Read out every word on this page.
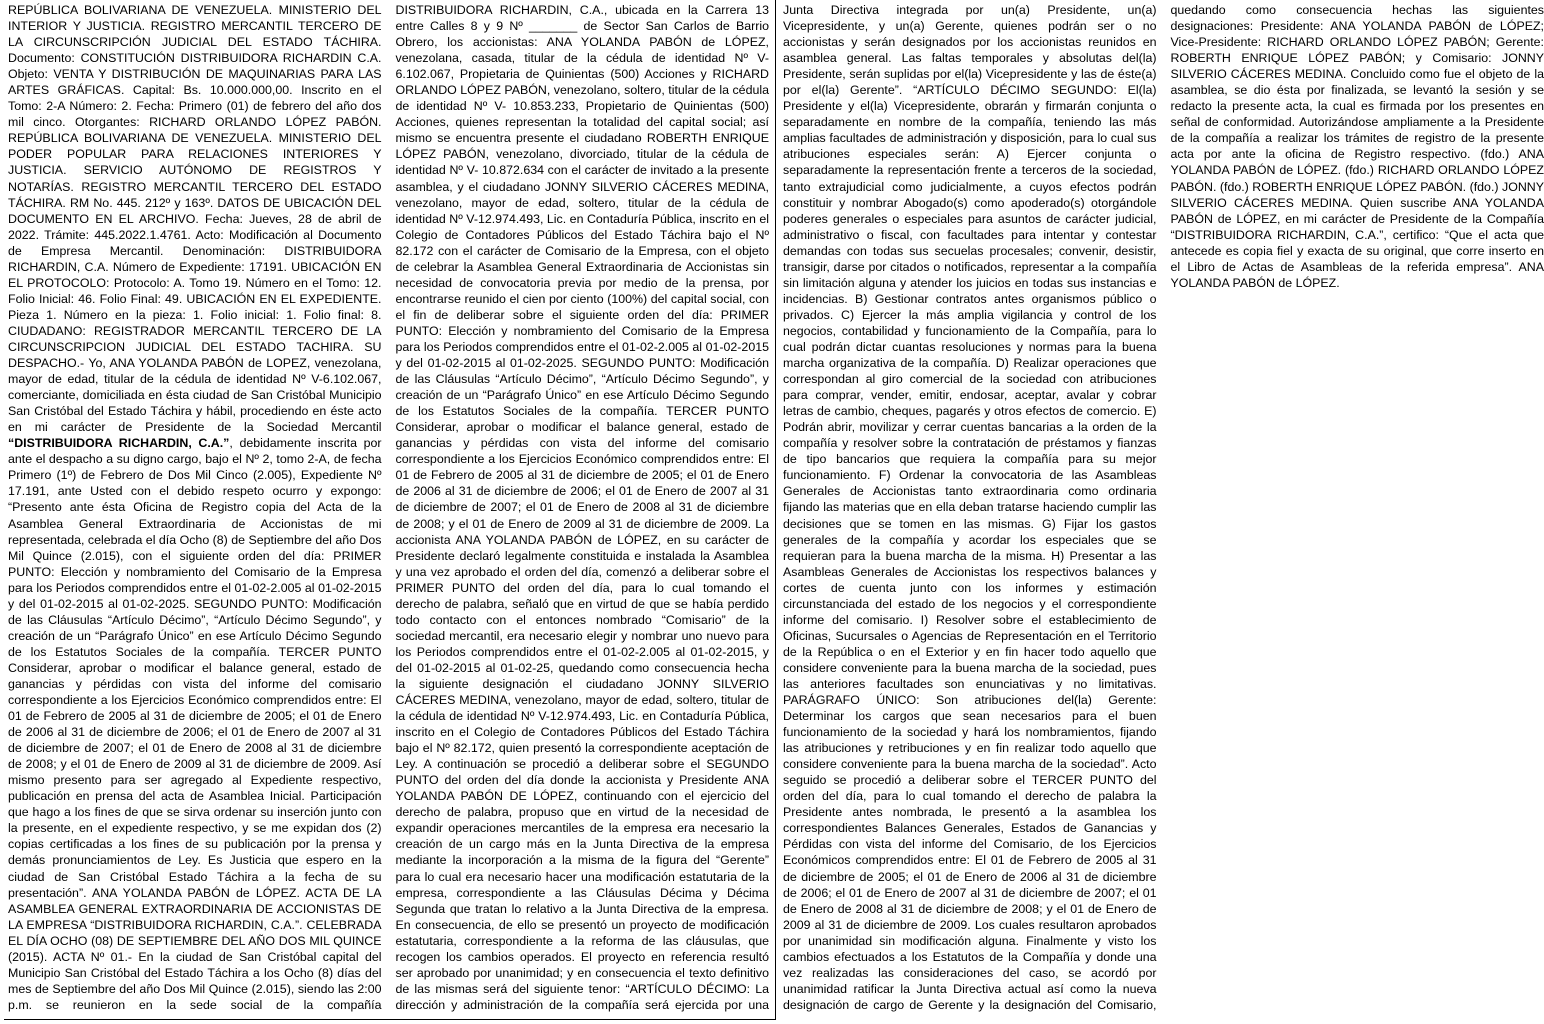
REPÚBLICA BOLIVARIANA DE VENEZUELA. MINISTERIO DEL INTERIOR Y JUSTICIA. REGISTRO MERCANTIL TERCERO DE LA CIRCUNSCRIPCIÓN JUDICIAL DEL ESTADO TÁCHIRA. Documento: CONSTITUCIÓN DISTRIBUIDORA RICHARDIN C.A. Objeto: VENTA Y DISTRIBUCIÓN DE MAQUINARIAS PARA LAS ARTES GRÁFICAS. Capital: Bs. 10.000.000,00. Inscrito en el Tomo: 2-A Número: 2. Fecha: Primero (01) de febrero del año dos mil cinco. Otorgantes: RICHARD ORLANDO LÓPEZ PABÓN. REPÚBLICA BOLIVARIANA DE VENEZUELA. MINISTERIO DEL PODER POPULAR PARA RELACIONES INTERIORES Y JUSTICIA. SERVICIO AUTÓNOMO DE REGISTROS Y NOTARÍAS. REGISTRO MERCANTIL TERCERO DEL ESTADO TÁCHIRA. RM No. 445. 212º y 163º. DATOS DE UBICACIÓN DEL DOCUMENTO EN EL ARCHIVO. Fecha: Jueves, 28 de abril de 2022. Trámite: 445.2022.1.4761. Acto: Modificación al Documento de Empresa Mercantil. Denominación: DISTRIBUIDORA RICHARDIN, C.A. Número de Expediente: 17191. UBICACIÓN EN EL PROTOCOLO: Protocolo: A. Tomo 19. Número en el Tomo: 12. Folio Inicial: 46. Folio Final: 49. UBICACIÓN EN EL EXPEDIENTE. Pieza 1. Número en la pieza: 1. Folio inicial: 1. Folio final: 8. CIUDADANO: REGISTRADOR MERCANTIL TERCERO DE LA CIRCUNSCRIPCION JUDICIAL DEL ESTADO TACHIRA. SU DESPACHO.- Yo, ANA YOLANDA PABÓN de LOPEZ, venezolana, mayor de edad, titular de la cédula de identidad Nº V-6.102.067, comerciante, domiciliada en ésta ciudad de San Cristóbal Municipio San Cristóbal del Estado Táchira y hábil, procediendo en éste acto en mi carácter de Presidente de la Sociedad Mercantil “DISTRIBUIDORA RICHARDIN, C.A.”, debidamente inscrita por ante el despacho a su digno cargo, bajo el Nº 2, tomo 2-A, de fecha Primero (1º) de Febrero de Dos Mil Cinco (2.005), Expediente Nº 17.191, ante Usted con el debido respeto ocurro y expongo: “Presento ante ésta Oficina de Registro copia del Acta de la Asamblea General Extraordinaria de Accionistas de mi representada, celebrada el día Ocho (8) de Septiembre del año Dos Mil Quince (2.015), con el siguiente orden del día: PRIMER PUNTO: Elección y nombramiento del Comisario de la Empresa para los Periodos comprendidos entre el 01-02-2.005 al 01-02-2015 y del 01-02-2015 al 01-02-2025. SEGUNDO PUNTO: Modificación de las Cláusulas “Artículo Décimo”, “Artículo Décimo Segundo”, y creación de un “Parágrafo Único” en ese Artículo Décimo Segundo de los Estatutos Sociales de la compañía. TERCER PUNTO Considerar, aprobar o modificar el balance general, estado de ganancias y pérdidas con vista del informe del comisario correspondiente a los Ejercicios Económico comprendidos entre: El 01 de Febrero de 2005 al 31 de diciembre de 2005; el 01 de Enero de 2006 al 31 de diciembre de 2006; el 01 de Enero de 2007 al 31 de diciembre de 2007; el 01 de Enero de 2008 al 31 de diciembre de 2008; y el 01 de Enero de 2009 al 31 de diciembre de 2009. Así mismo presento para ser agregado al Expediente respectivo, publicación en prensa del acta de Asamblea Inicial. Participación que hago a los fines de que se sirva ordenar su inserción junto con la presente, en el expediente respectivo, y se me expidan dos (2) copias certificadas a los fines de su publicación por la prensa y demás pronunciamientos de Ley. Es Justicia que espero en la ciudad de San Cristóbal Estado Táchira a la fecha de su presentación”. ANA YOLANDA PABÓN de LÓPEZ. ACTA DE LA ASAMBLEA GENERAL EXTRAORDINARIA DE ACCIONISTAS DE LA EMPRESA “DISTRIBUIDORA RICHARDIN, C.A.”. CELEBRADA EL DÍA OCHO (08) DE SEPTIEMBRE DEL AÑO DOS MIL QUINCE (2015). ACTA Nº 01.- En la ciudad de San Cristóbal capital del Municipio San Cristóbal del Estado Táchira a los Ocho (8) días del mes de Septiembre del año Dos Mil Quince (2.015), siendo las 2:00 p.m. se reunieron en la sede social de la compañía DISTRIBUIDORA RICHARDIN, C.A., ubicada en la Carrera 13 entre Calles 8 y 9 Nº _______ de Sector San Carlos de Barrio Obrero, los accionistas: ANA YOLANDA PABÓN de LÓPEZ, venezolana, casada, titular de la cédula de identidad Nº V- 6.102.067, Propietaria de Quinientas (500) Acciones y RICHARD ORLANDO LÓPEZ PABÓN, venezolano, soltero, titular de la cédula de identidad Nº V- 10.853.233, Propietario de Quinientas (500) Acciones, quienes representan la totalidad del capital social; así mismo se encuentra presente el ciudadano ROBERTH ENRIQUE LÓPEZ PABÓN, venezolano, divorciado, titular de la cédula de identidad Nº V- 10.872.634 con el carácter de invitado a la presente asamblea, y el ciudadano JONNY SILVERIO CÁCERES MEDINA, venezolano, mayor de edad, soltero, titular de la cédula de identidad Nº V-12.974.493, Lic. en Contaduría Pública, inscrito en el Colegio de Contadores Públicos del Estado Táchira bajo el Nº 82.172 con el carácter de Comisario de la Empresa, con el objeto de celebrar la Asamblea General Extraordinaria de Accionistas sin necesidad de convocatoria previa por medio de la prensa, por encontrarse reunido el cien por ciento (100%) del capital social, con el fin de deliberar sobre el siguiente orden del día: PRIMER PUNTO: Elección y nombramiento del Comisario de la Empresa para los Periodos comprendidos entre el 01-02-2.005 al 01-02-2015 y del 01-02-2015 al 01-02-2025. SEGUNDO PUNTO: Modificación de las Cláusulas “Artículo Décimo”, “Artículo Décimo Segundo”, y creación de un “Parágrafo Único” en ese Artículo Décimo Segundo de los Estatutos Sociales de la compañía. TERCER PUNTO Considerar, aprobar o modificar el balance general, estado de ganancias y pérdidas con vista del informe del comisario correspondiente a los Ejercicios Económico comprendidos entre: El 01 de Febrero de 2005 al 31 de diciembre de 2005; el 01 de Enero de 2006 al 31 de diciembre de 2006; el 01 de Enero de 2007 al 31 de diciembre de 2007; el 01 de Enero de 2008 al 31 de diciembre de 2008; y el 01 de Enero de 2009 al 31 de diciembre de 2009. La accionista ANA YOLANDA PABÓN de LÓPEZ, en su carácter de Presidente declaró legalmente constituida e instalada la Asamblea y una vez aprobado el orden del día, comenzó a deliberar sobre el PRIMER PUNTO del orden del día, para lo cual tomando el derecho de palabra, señaló que en virtud de que se había perdido todo contacto con el entonces nombrado “Comisario” de la sociedad mercantil, era necesario elegir y nombrar uno nuevo para los Periodos comprendidos entre el 01-02-2.005 al 01-02-2015, y del 01-02-2015 al 01-02-25, quedando como consecuencia hecha la siguiente designación el ciudadano JONNY SILVERIO CÁCERES MEDINA, venezolano, mayor de edad, soltero, titular de la cédula de identidad Nº V-12.974.493, Lic. en Contaduría Pública, inscrito en el Colegio de Contadores Públicos del Estado Táchira bajo el Nº 82.172, quien presentó la correspondiente aceptación de Ley. A continuación se procedió a deliberar sobre el SEGUNDO PUNTO del orden del día donde la accionista y Presidente ANA YOLANDA PABÓN DE LÓPEZ, continuando con el ejercicio del derecho de palabra, propuso que en virtud de la necesidad de expandir operaciones mercantiles de la empresa era necesario la creación de un cargo más en la Junta Directiva de la empresa mediante la incorporación a la misma de la figura del “Gerente” para lo cual era necesario hacer una modificación estatutaria de la empresa, correspondiente a las Cláusulas Décima y Décima Segunda que tratan lo relativo a la Junta Directiva de la empresa. En consecuencia, de ello se presentó un proyecto de modificación estatutaria, correspondiente a la reforma de las cláusulas, que recogen los cambios operados. El proyecto en referencia resultó ser aprobado por unanimidad; y en consecuencia el texto definitivo de las mismas será del siguiente tenor: “ARTÍCULO DÉCIMO: La dirección y administración de la compañía será ejercida por una Junta Directiva integrada por un(a) Presidente, un(a) Vicepresidente, y un(a) Gerente, quienes podrán ser o no accionistas y serán designados por los accionistas reunidos en asamblea general. Las faltas temporales y absolutas del(la) Presidente, serán suplidas por el(la) Vicepresidente y las de éste(a) por el(la) Gerente”. “ARTÍCULO DÉCIMO SEGUNDO: El(la) Presidente y el(la) Vicepresidente, obrarán y firmarán conjunta o separadamente en nombre de la compañía, teniendo las más amplias facultades de administración y disposición, para lo cual sus atribuciones especiales serán: A) Ejercer conjunta o separadamente la representación frente a terceros de la sociedad, tanto extrajudicial como judicialmente, a cuyos efectos podrán constituir y nombrar Abogado(s) como apoderado(s) otorgándole poderes generales o especiales para asuntos de carácter judicial, administrativo o fiscal, con facultades para intentar y contestar demandas con todas sus secuelas procesales; convenir, desistir, transigir, darse por citados o notificados, representar a la compañía sin limitación alguna y atender los juicios en todas sus instancias e incidencias. B) Gestionar contratos antes organismos público o privados. C) Ejercer la más amplia vigilancia y control de los negocios, contabilidad y funcionamiento de la Compañía, para lo cual podrán dictar cuantas resoluciones y normas para la buena marcha organizativa de la compañía. D) Realizar operaciones que correspondan al giro comercial de la sociedad con atribuciones para comprar, vender, emitir, endosar, aceptar, avalar y cobrar letras de cambio, cheques, pagarés y otros efectos de comercio. E) Podrán abrir, movilizar y cerrar cuentas bancarias a la orden de la compañía y resolver sobre la contratación de préstamos y fianzas de tipo bancarios que requiera la compañía para su mejor funcionamiento. F) Ordenar la convocatoria de las Asambleas Generales de Accionistas tanto extraordinaria como ordinaria fijando las materias que en ella deban tratarse haciendo cumplir las decisiones que se tomen en las mismas. G) Fijar los gastos generales de la compañía y acordar los especiales que se requieran para la buena marcha de la misma. H) Presentar a las Asambleas Generales de Accionistas los respectivos balances y cortes de cuenta junto con los informes y estimación circunstanciada del estado de los negocios y el correspondiente informe del comisario. I) Resolver sobre el establecimiento de Oficinas, Sucursales o Agencias de Representación en el Territorio de la República o en el Exterior y en fin hacer todo aquello que considere conveniente para la buena marcha de la sociedad, pues las anteriores facultades son enunciativas y no limitativas. PARÁGRAFO ÚNICO: Son atribuciones del(la) Gerente: Determinar los cargos que sean necesarios para el buen funcionamiento de la sociedad y hará los nombramientos, fijando las atribuciones y retribuciones y en fin realizar todo aquello que considere conveniente para la buena marcha de la sociedad”. Acto seguido se procedió a deliberar sobre el TERCER PUNTO del orden del día, para lo cual tomando el derecho de palabra la Presidente antes nombrada, le presentó a la asamblea los correspondientes Balances Generales, Estados de Ganancias y Pérdidas con vista del informe del Comisario, de los Ejercicios Económicos comprendidos entre: El 01 de Febrero de 2005 al 31 de diciembre de 2005; el 01 de Enero de 2006 al 31 de diciembre de 2006; el 01 de Enero de 2007 al 31 de diciembre de 2007; el 01 de Enero de 2008 al 31 de diciembre de 2008; y el 01 de Enero de 2009 al 31 de diciembre de 2009. Los cuales resultaron aprobados por unanimidad sin modificación alguna. Finalmente y visto los cambios efectuados a los Estatutos de la Compañía y donde una vez realizadas las consideraciones del caso, se acordó por unanimidad ratificar la Junta Directiva actual así como la nueva designación de cargo de Gerente y la designación del Comisario, quedando como consecuencia hechas las siguientes designaciones: Presidente: ANA YOLANDA PABÓN de LÓPEZ; Vice-Presidente: RICHARD ORLANDO LÓPEZ PABÓN; Gerente: ROBERTH ENRIQUE LÓPEZ PABÓN; y Comisario: JONNY SILVERIO CÁCERES MEDINA. Concluido como fue el objeto de la asamblea, se dio ésta por finalizada, se levantó la sesión y se redacto la presente acta, la cual es firmada por los presentes en señal de conformidad. Autorizándose ampliamente a la Presidente de la compañía a realizar los trámites de registro de la presente acta por ante la oficina de Registro respectivo. (fdo.) ANA YOLANDA PABÓN de LÓPEZ. (fdo.) RICHARD ORLANDO LÓPEZ PABÓN. (fdo.) ROBERTH ENRIQUE LÓPEZ PABÓN. (fdo.) JONNY SILVERIO CÁCERES MEDINA. Quien suscribe ANA YOLANDA PABÓN de LÓPEZ, en mi carácter de Presidente de la Compañía “DISTRIBUIDORA RICHARDIN, C.A.”, certifico: “Que el acta que antecede es copia fiel y exacta de su original, que corre inserto en el Libro de Actas de Asambleas de la referida empresa”. ANA YOLANDA PABÓN de LÓPEZ.
